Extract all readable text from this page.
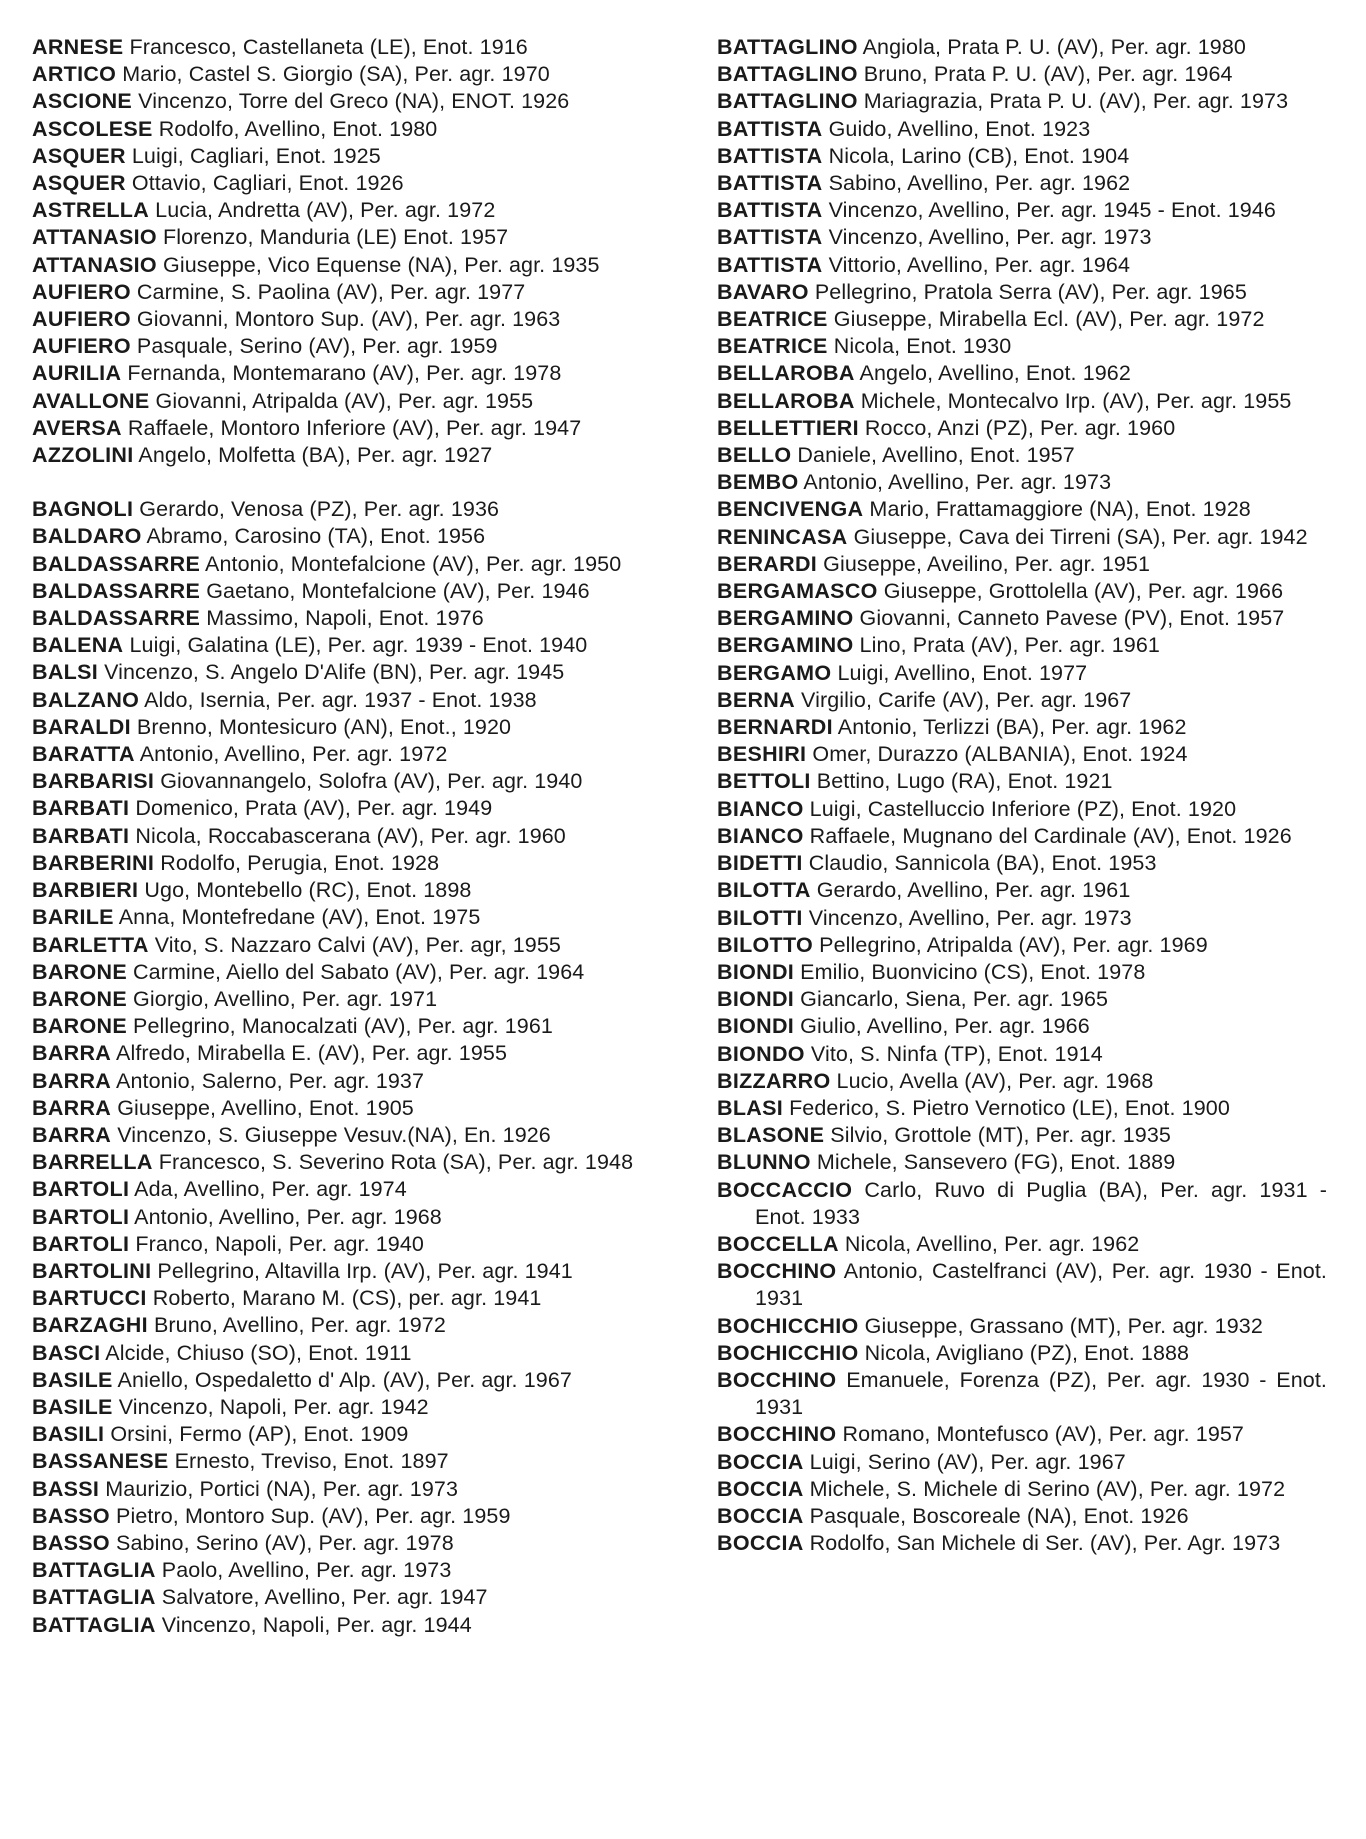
ARNESE Francesco, Castellaneta (LE), Enot. 1916

ARTICO Mario, Castel S. Giorgio (SA), Per. agr. 1970

ASCIONE Vincenzo, Torre del Greco (NA), ENOT. 1926

ASCOLESE Rodolfo, Avellino, Enot. 1980

ASQUER Luigi, Cagliari, Enot. 1925

ASQUER Ottavio, Cagliari, Enot. 1926

ASTRELLA Lucia, Andretta (AV), Per. agr. 1972

ATTANASIO Florenzo, Manduria (LE) Enot. 1957

ATTANASIO Giuseppe, Vico Equense (NA), Per. agr. 1935

AUFIERO Carmine, S. Paolina (AV), Per. agr. 1977

AUFIERO Giovanni, Montoro Sup. (AV), Per. agr. 1963

AUFIERO Pasquale, Serino (AV), Per. agr. 1959

AURILIA Fernanda, Montemarano (AV), Per. agr. 1978

AVALLONE Giovanni, Atripalda (AV), Per. agr. 1955

AVERSA Raffaele, Montoro Inferiore (AV), Per. agr. 1947

AZZOLINI Angelo, Molfetta (BA), Per. agr. 1927

BAGNOLI Gerardo, Venosa (PZ), Per. agr. 1936

BALDARO Abramo, Carosino (TA), Enot. 1956

BALDASSARRE Antonio, Montefalcione (AV), Per. agr. 1950

BALDASSARRE Gaetano, Montefalcione (AV), Per. 1946

BALDASSARRE Massimo, Napoli, Enot. 1976

BALENA Luigi, Galatina (LE), Per. agr. 1939 - Enot. 1940

BALSI Vincenzo, S. Angelo D'Alife (BN), Per. agr. 1945

BALZANO Aldo, Isernia, Per. agr. 1937 - Enot. 1938

BARALDI Brenno, Montesicuro (AN), Enot., 1920

BARATTA Antonio, Avellino, Per. agr. 1972

BARBARISI Giovannangelo, Solofra (AV), Per. agr. 1940

BARBATI Domenico, Prata (AV), Per. agr. 1949

BARBATI Nicola, Roccabascerana (AV), Per. agr. 1960

BARBERINI Rodolfo, Perugia, Enot. 1928

BARBIERI Ugo, Montebello (RC), Enot. 1898

BARILE Anna, Montefredane (AV), Enot. 1975

BARLETTA Vito, S. Nazzaro Calvi (AV), Per. agr, 1955

BARONE Carmine, Aiello del Sabato (AV), Per. agr. 1964

BARONE Giorgio, Avellino, Per. agr. 1971

BARONE Pellegrino, Manocalzati (AV), Per. agr. 1961

BARRA Alfredo, Mirabella E. (AV), Per. agr. 1955

BARRA Antonio, Salerno, Per. agr. 1937

BARRA Giuseppe, Avellino, Enot. 1905

BARRA Vincenzo, S. Giuseppe Vesuv.(NA), En. 1926

BARRELLA Francesco, S. Severino Rota (SA), Per. agr. 1948

BARTOLI Ada, Avellino, Per. agr. 1974

BARTOLI Antonio, Avellino, Per. agr. 1968

BARTOLI Franco, Napoli, Per. agr. 1940

BARTOLINI Pellegrino, Altavilla Irp. (AV), Per. agr. 1941

BARTUCCI Roberto, Marano M. (CS), per. agr. 1941

BARZAGHI Bruno, Avellino, Per. agr. 1972

BASCI Alcide, Chiuso (SO), Enot. 1911

BASILE Aniello, Ospedaletto d' Alp. (AV), Per. agr. 1967

BASILE Vincenzo, Napoli, Per. agr. 1942

BASILI Orsini, Fermo (AP), Enot. 1909

BASSANESE Ernesto, Treviso, Enot. 1897

BASSI Maurizio, Portici (NA), Per. agr. 1973

BASSO Pietro, Montoro Sup. (AV), Per. agr. 1959

BASSO Sabino, Serino (AV), Per. agr. 1978

BATTAGLIA Paolo, Avellino, Per. agr. 1973

BATTAGLIA Salvatore, Avellino, Per. agr. 1947

BATTAGLIA Vincenzo, Napoli, Per. agr. 1944

BATTAGLINO Angiola, Prata P. U. (AV), Per. agr. 1980

BATTAGLINO Bruno, Prata P. U. (AV), Per. agr. 1964

BATTAGLINO Mariagrazia, Prata P. U. (AV), Per. agr. 1973

BATTISTA Guido, Avellino, Enot. 1923

BATTISTA Nicola, Larino (CB), Enot. 1904

BATTISTA Sabino, Avellino, Per. agr. 1962

BATTISTA Vincenzo, Avellino, Per. agr. 1945 - Enot. 1946

BATTISTA Vincenzo, Avellino, Per. agr. 1973

BATTISTA Vittorio, Avellino, Per. agr. 1964

BAVARO Pellegrino, Pratola Serra (AV), Per. agr. 1965

BEATRICE Giuseppe, Mirabella Ecl. (AV), Per. agr. 1972

BEATRICE Nicola, Enot. 1930

BELLAROBA Angelo, Avellino, Enot. 1962

BELLAROBA Michele, Montecalvo Irp. (AV), Per. agr. 1955

BELLETTIERI Rocco, Anzi (PZ), Per. agr. 1960

BELLO Daniele, Avellino, Enot. 1957

BEMBO Antonio, Avellino, Per. agr. 1973

BENCIVENGA Mario, Frattamaggiore (NA), Enot. 1928

RENINCASA Giuseppe, Cava dei Tirreni (SA), Per. agr. 1942

BERARDI Giuseppe, Aveilino, Per. agr. 1951

BERGAMASCO Giuseppe, Grottolella (AV), Per. agr. 1966

BERGAMINO Giovanni, Canneto Pavese (PV), Enot. 1957

BERGAMINO Lino, Prata (AV), Per. agr. 1961

BERGAMO Luigi, Avellino, Enot. 1977

BERNA Virgilio, Carife (AV), Per. agr. 1967

BERNARDI Antonio, Terlizzi (BA), Per. agr. 1962

BESHIRI Omer, Durazzo (ALBANIA), Enot. 1924

BETTOLI Bettino, Lugo (RA), Enot. 1921

BIANCO Luigi, Castelluccio Inferiore (PZ), Enot. 1920

BIANCO Raffaele, Mugnano del Cardinale (AV), Enot. 1926

BIDETTI Claudio, Sannicola (BA), Enot. 1953

BILOTTA Gerardo, Avellino, Per. agr. 1961

BILOTTI Vincenzo, Avellino, Per. agr. 1973

BILOTTO Pellegrino, Atripalda (AV), Per. agr. 1969

BIONDI Emilio, Buonvicino (CS), Enot. 1978

BIONDI Giancarlo, Siena, Per. agr. 1965

BIONDI Giulio, Avellino, Per. agr. 1966

BIONDO Vito, S. Ninfa (TP), Enot. 1914

BIZZARRO Lucio, Avella (AV), Per. agr. 1968

BLASI Federico, S. Pietro Vernotico (LE), Enot. 1900

BLASONE Silvio, Grottole (MT), Per. agr. 1935

BLUNNO Michele, Sansevero (FG), Enot. 1889

BOCCACCIO Carlo, Ruvo di Puglia (BA), Per. agr. 1931 - Enot. 1933

BOCCELLA Nicola, Avellino, Per. agr. 1962

BOCCHINO Antonio, Castelfranci (AV), Per. agr. 1930 - Enot. 1931

BOCHICCHIO Giuseppe, Grassano (MT), Per. agr. 1932

BOCHICCHIO Nicola, Avigliano (PZ), Enot. 1888

BOCCHINO Emanuele, Forenza (PZ), Per. agr. 1930 - Enot. 1931

BOCCHINO Romano, Montefusco (AV), Per. agr. 1957

BOCCIA Luigi, Serino (AV), Per. agr. 1967

BOCCIA Michele, S. Michele di Serino (AV), Per. agr. 1972

BOCCIA Pasquale, Boscoreale (NA), Enot. 1926

BOCCIA Rodolfo, San Michele di Ser. (AV), Per. Agr. 1973
